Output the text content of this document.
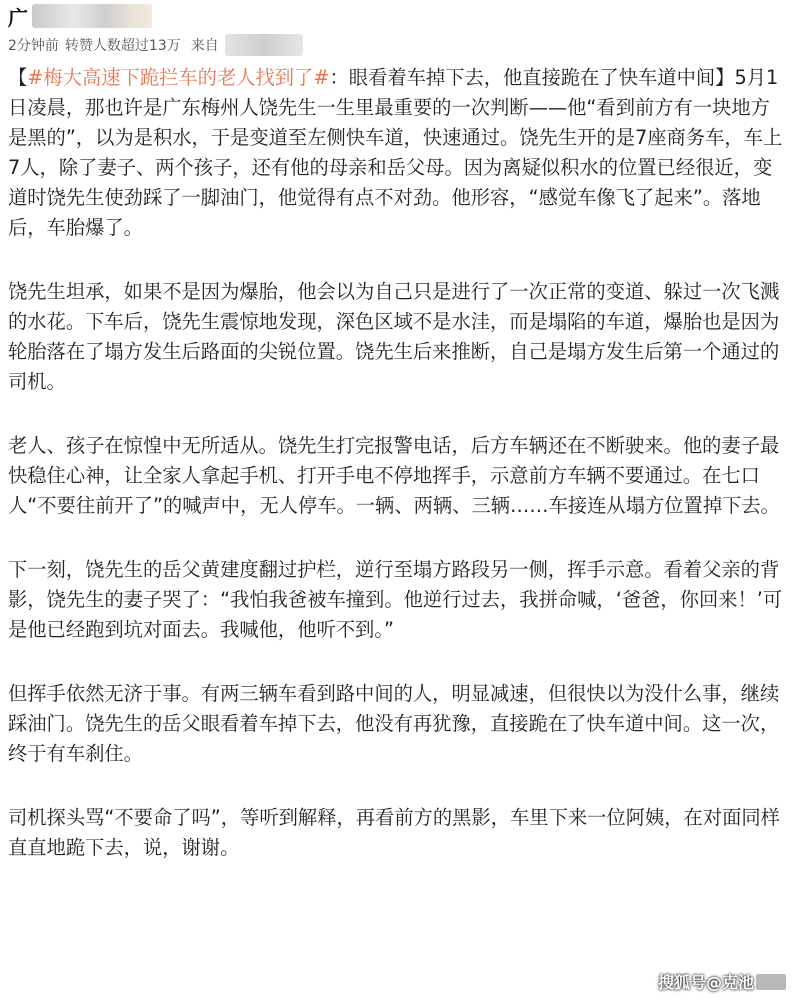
广
2分钟前 转赞人数超过13万 来自

【#梅大高速下跪拦车的老人找到了#：眼看着车掉下去，他直接跪在了快车道中间】5月1日凌晨，那也许是广东梅州人饶先生一生里最重要的一次判断——他“看到前方有一块地方是黑的”，以为是积水，于是变道至左侧快车道，快速通过。饶先生开的是7座商务车，车上7人，除了妻子、两个孩子，还有他的母亲和岳父母。因为离疑似积水的位置已经很近，变道时饶先生使劲踩了一脚油门，他觉得有点不对劲。他形容，“感觉车像飞了起来”。落地后，车胎爆了。

饶先生坦承，如果不是因为爆胎，他会以为自己只是进行了一次正常的变道、躲过一次飞溅的水花。下车后，饶先生震惊地发现，深色区域不是水洼，而是塌陷的车道，爆胎也是因为轮胎落在了塌方发生后路面的尖锐位置。饶先生后来推断，自己是塌方发生后第一个通过的司机。

老人、孩子在惊惶中无所适从。饶先生打完报警电话，后方车辆还在不断驶来。他的妻子最快稳住心神，让全家人拿起手机、打开手电不停地挥手，示意前方车辆不要通过。在七口人“不要往前开了”的喊声中，无人停车。一辆、两辆、三辆……车接连从塌方位置掉下去。

下一刻，饶先生的岳父黄建度翻过护栏，逆行至塌方路段另一侧，挥手示意。看着父亲的背影，饶先生的妻子哭了：“我怕我爸被车撞到。他逆行过去，我拼命喊，‘爸爸，你回来！’可是他已经跑到坑对面去。我喊他，他听不到。”

但挥手依然无济于事。有两三辆车看到路中间的人，明显减速，但很快以为没什么事，继续踩油门。饶先生的岳父眼看着车掉下去，他没有再犹豫，直接跪在了快车道中间。这一次，终于有车刹住。

司机探头骂“不要命了吗”，等听到解释，再看前方的黑影，车里下来一位阿姨，在对面同样直直地跪下去，说，谢谢。

搜狐号@克池
